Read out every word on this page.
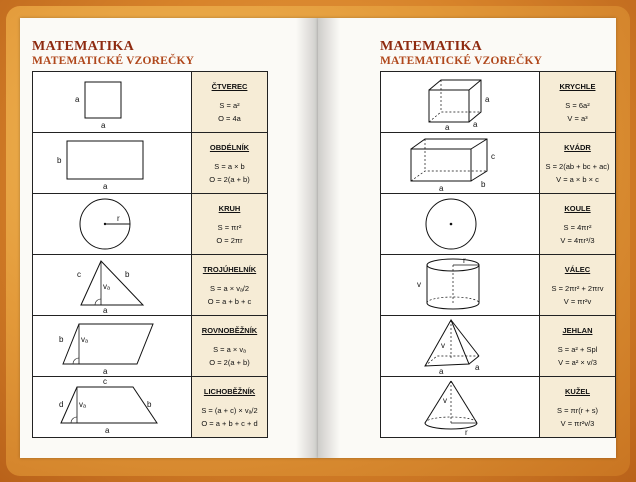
MATEMATIKA
MATEMATICKÉ VZOREČKY
a
a	ČTVEREC
S = a²
O = 4a

b
a	OBDÉLNÍK
S = a × b
O = 2(a + b)

r	KRUH
S = πr²
O = 2πr

c b
vₐ
a	TROJÚHELNÍK
S = a × vₐ/2
O = a + b + c

b vₐ
a	ROVNOBĚŽNÍK
S = a × vₐ
O = 2(a + b)

c
d vₐ b
a	LICHOBĚŽNÍK
S = (a + c) × vₐ/2
O = a + b + c + d
MATEMATIKA
MATEMATICKÉ VZOREČKY
a
a
a	KRYCHLE
S = 6a²
V = a³

c
a b	KVÁDR
S = 2(ab + bc + ac)
V = a × b × c

KOULE
S = 4πr²
V = 4πr³/3

r
v	VÁLEC
S = 2πr² + 2πrv
V = πr²v

v
a a	JEHLAN
S = a² + Spl
V = a² × v/3

v
r	KUŽEL
S = πr(r + s)
V = πr²v/3
